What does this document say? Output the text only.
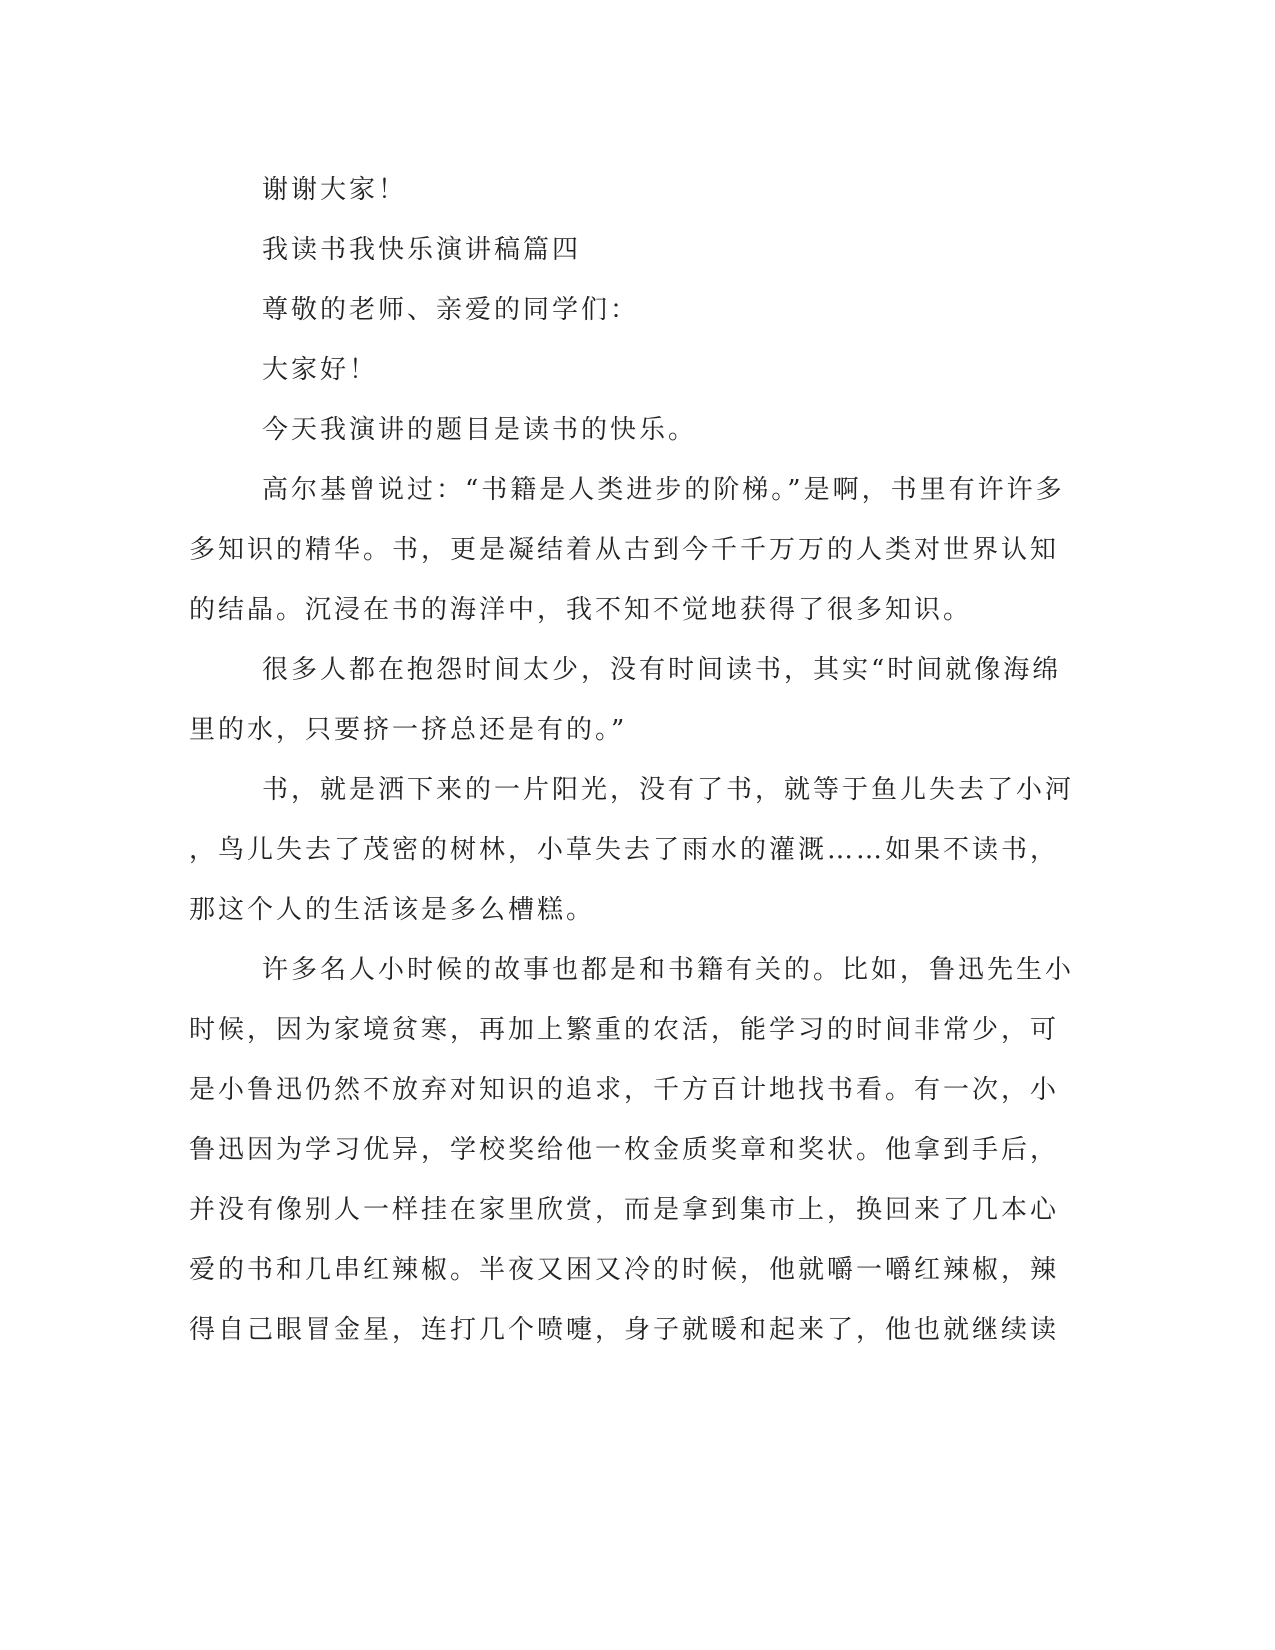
谢谢大家！
我读书我快乐演讲稿篇四
尊敬的老师、亲爱的同学们：
大家好！
今天我演讲的题目是读书的快乐。
高尔基曾说过：“书籍是人类进步的阶梯。”是啊，书里有许许多
多知识的精华。书，更是凝结着从古到今千千万万的人类对世界认知
的结晶。沉浸在书的海洋中，我不知不觉地获得了很多知识。
很多人都在抱怨时间太少，没有时间读书，其实“时间就像海绵
里的水，只要挤一挤总还是有的。”
书，就是洒下来的一片阳光，没有了书，就等于鱼儿失去了小河
，鸟儿失去了茂密的树林，小草失去了雨水的灌溉……如果不读书，
那这个人的生活该是多么槽糕。
许多名人小时候的故事也都是和书籍有关的。比如，鲁迅先生小
时候，因为家境贫寒，再加上繁重的农活，能学习的时间非常少，可
是小鲁迅仍然不放弃对知识的追求，千方百计地找书看。有一次，小
鲁迅因为学习优异，学校奖给他一枚金质奖章和奖状。他拿到手后，
并没有像别人一样挂在家里欣赏，而是拿到集市上，换回来了几本心
爱的书和几串红辣椒。半夜又困又冷的时候，他就嚼一嚼红辣椒，辣
得自己眼冒金星，连打几个喷嚏，身子就暖和起来了，他也就继续读
